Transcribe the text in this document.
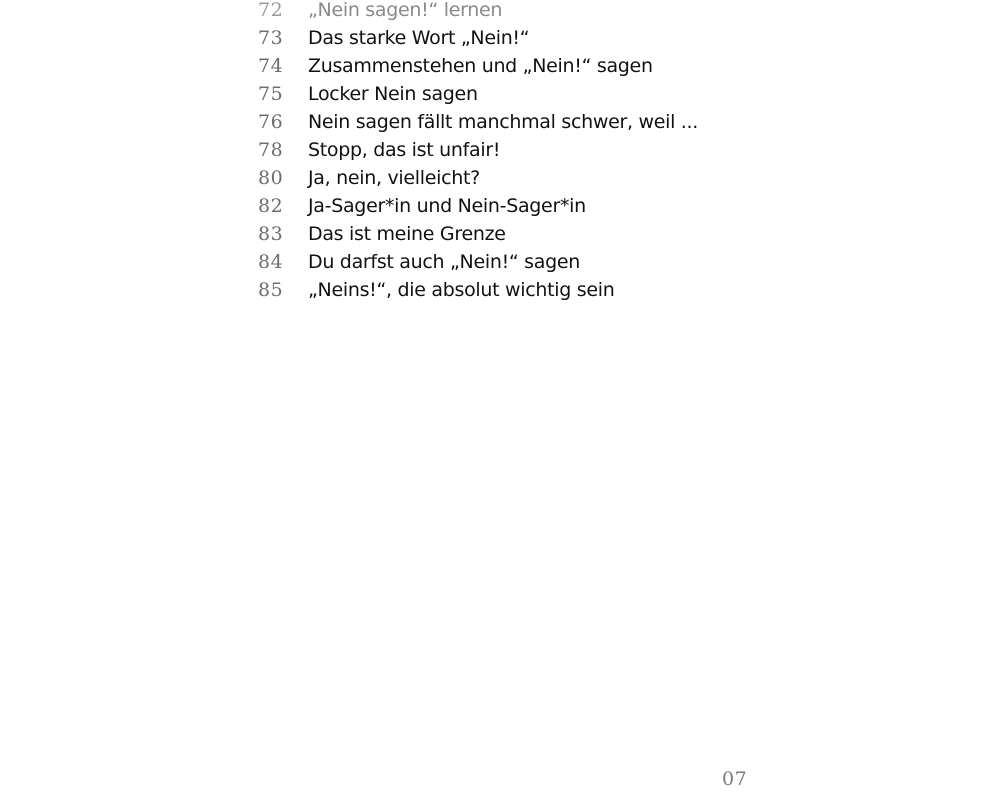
72	„Nein sagen!“ lernen
73	Das starke Wort „Nein!“
74	Zusammenstehen und „Nein!“ sagen
75	Locker Nein sagen
76	Nein sagen fällt manchmal schwer, weil ...
78	Stopp, das ist unfair!
80	Ja, nein, vielleicht?
82	Ja-Sager*in und Nein-Sager*in
83	Das ist meine Grenze
84	Du darfst auch „Nein!“ sagen
85	„Neins!“, die absolut wichtig sein
07
